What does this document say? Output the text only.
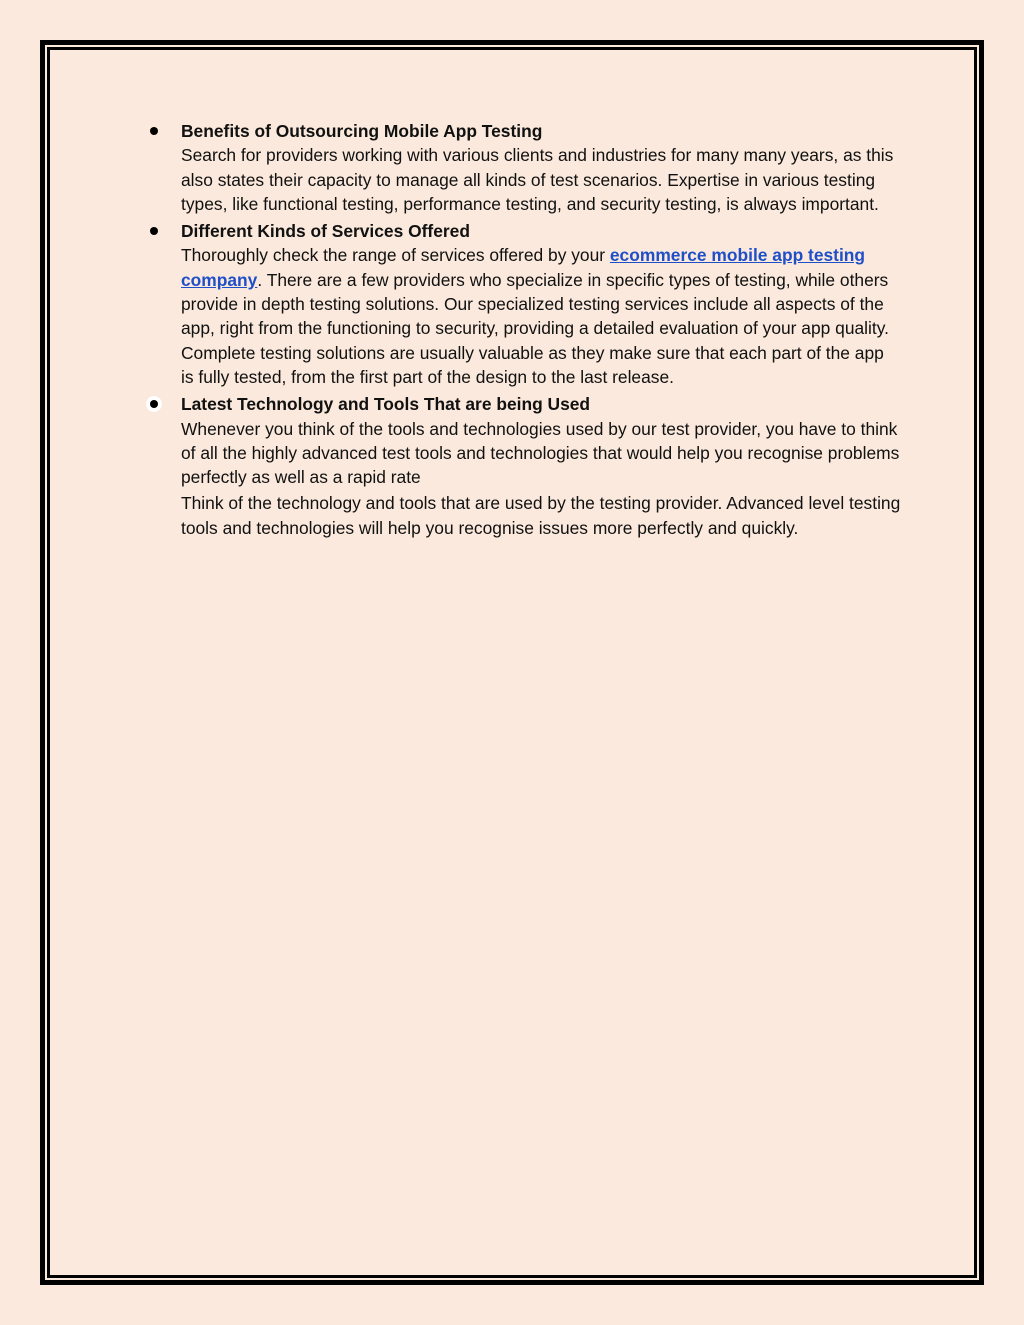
Benefits of Outsourcing Mobile App Testing

Search for providers working with various clients and industries for many many years, as this also states their capacity to manage all kinds of test scenarios. Expertise in various testing types, like functional testing, performance testing, and security testing, is always important.

Different Kinds of Services Offered

Thoroughly check the range of services offered by your ecommerce mobile app testing company. There are a few providers who specialize in specific types of testing, while others provide in depth testing solutions. Our specialized testing services include all aspects of the app, right from the functioning to security, providing a detailed evaluation of your app quality. Complete testing solutions are usually valuable as they make sure that each part of the app is fully tested, from the first part of the design to the last release.

Latest Technology and Tools That are being Used

Whenever you think of the tools and technologies used by our test provider, you have to think of all the highly advanced test tools and technologies that would help you recognise problems perfectly as well as a rapid rate

Think of the technology and tools that are used by the testing provider. Advanced level testing tools and technologies will help you recognise issues more perfectly and quickly.
